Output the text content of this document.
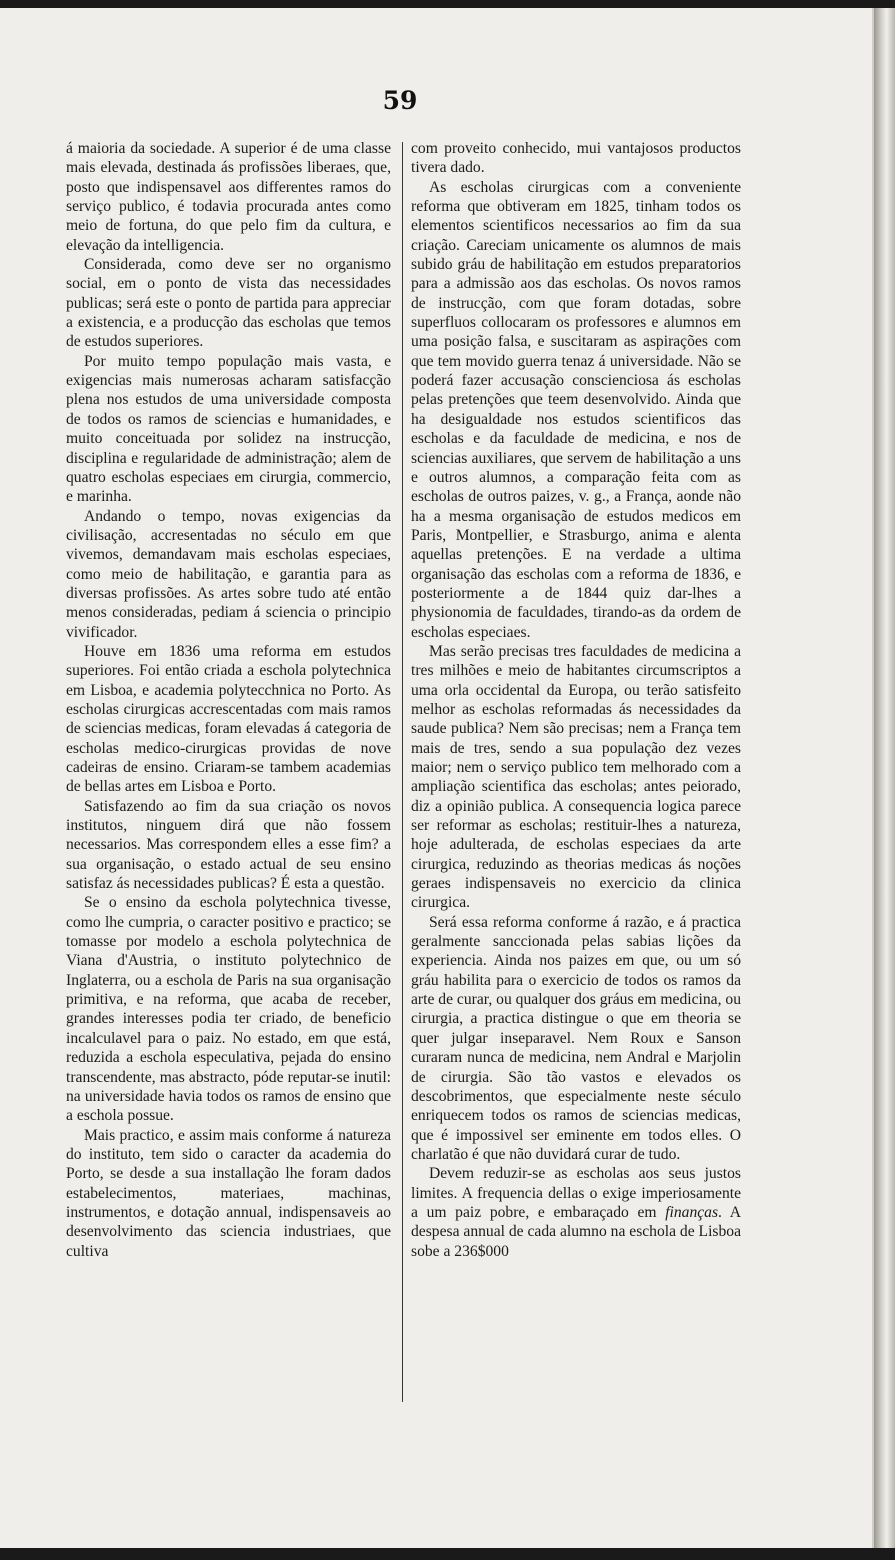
59

á maioria da sociedade. A superior é de uma classe mais elevada, destinada ás profissões liberaes, que, posto que indispensavel aos differentes ramos do serviço publico, é todavia procurada antes como meio de fortuna, do que pelo fim da cultura, e elevação da intelligencia.

Considerada, como deve ser no organismo social, em o ponto de vista das necessidades publicas; será este o ponto de partida para appreciar a existencia, e a producção das escholas que temos de estudos superiores.

Por muito tempo população mais vasta, e exigencias mais numerosas acharam satisfacção plena nos estudos de uma universidade composta de todos os ramos de sciencias e humanidades, e muito conceituada por solidez na instrucção, disciplina e regularidade de administração; alem de quatro escholas especiaes em cirurgia, commercio, e marinha.

Andando o tempo, novas exigencias da civilisação, accresentadas no século em que vivemos, demandavam mais escholas especiaes, como meio de habilitação, e garantia para as diversas profissões. As artes sobre tudo até então menos consideradas, pediam á sciencia o principio vivificador.

Houve em 1836 uma reforma em estudos superiores. Foi então criada a eschola polytechnica em Lisboa, e academia polytecchnica no Porto. As escholas cirurgicas accrescentadas com mais ramos de sciencias medicas, foram elevadas á categoria de escholas medico-cirurgicas providas de nove cadeiras de ensino. Criaram-se tambem academias de bellas artes em Lisboa e Porto.

Satisfazendo ao fim da sua criação os novos institutos, ninguem dirá que não fossem necessarios. Mas correspondem elles a esse fim? a sua organisação, o estado actual de seu ensino satisfaz ás necessidades publicas? É esta a questão.

Se o ensino da eschola polytechnica tivesse, como lhe cumpria, o caracter positivo e practico; se tomasse por modelo a eschola polytechnica de Viana d'Austria, o instituto polytechnico de Inglaterra, ou a eschola de Paris na sua organisação primitiva, e na reforma, que acaba de receber, grandes interesses podia ter criado, de beneficio incalculavel para o paiz. No estado, em que está, reduzida a eschola especulativa, pejada do ensino transcendente, mas abstracto, póde reputar-se inutil: na universidade havia todos os ramos de ensino que a eschola possue.

Mais practico, e assim mais conforme á natureza do instituto, tem sido o caracter da academia do Porto, se desde a sua installação lhe foram dados estabelecimentos, materiaes, machinas, instrumentos, e dotação annual, indispensaveis ao desenvolvimento das sciencia industriaes, que cultiva

com proveito conhecido, mui vantajosos productos tivera dado.

As escholas cirurgicas com a conveniente reforma que obtiveram em 1825, tinham todos os elementos scientificos necessarios ao fim da sua criação. Careciam unicamente os alumnos de mais subido gráu de habilitação em estudos preparatorios para a admissão aos das escholas. Os novos ramos de instrucção, com que foram dotadas, sobre superfluos collocaram os professores e alumnos em uma posição falsa, e suscitaram as aspirações com que tem movido guerra tenaz á universidade. Não se poderá fazer accusação conscienciosa ás escholas pelas pretenções que teem desenvolvido. Ainda que ha desigualdade nos estudos scientificos das escholas e da faculdade de medicina, e nos de sciencias auxiliares, que servem de habilitação a uns e outros alumnos, a comparação feita com as escholas de outros paizes, v. g., a França, aonde não ha a mesma organisação de estudos medicos em Paris, Montpellier, e Strasburgo, anima e alenta aquellas pretenções. E na verdade a ultima organisação das escholas com a reforma de 1836, e posteriormente a de 1844 quiz dar-lhes a physionomia de faculdades, tirando-as da ordem de escholas especiaes.

Mas serão precisas tres faculdades de medicina a tres milhões e meio de habitantes circumscriptos a uma orla occidental da Europa, ou terão satisfeito melhor as escholas reformadas ás necessidades da saude publica? Nem são precisas; nem a França tem mais de tres, sendo a sua população dez vezes maior; nem o serviço publico tem melhorado com a ampliação scientifica das escholas; antes peiorado, diz a opinião publica. A consequencia logica parece ser reformar as escholas; restituir-lhes a natureza, hoje adulterada, de escholas especiaes da arte cirurgica, reduzindo as theorias medicas ás noções geraes indispensaveis no exercicio da clinica cirurgica.

Será essa reforma conforme á razão, e á practica geralmente sanccionada pelas sabias lições da experiencia. Ainda nos paizes em que, ou um só gráu habilita para o exercicio de todos os ramos da arte de curar, ou qualquer dos gráus em medicina, ou cirurgia, a practica distingue o que em theoria se quer julgar inseparavel. Nem Roux e Sanson curaram nunca de medicina, nem Andral e Marjolin de cirurgia. São tão vastos e elevados os descobrimentos, que especialmente neste século enriquecem todos os ramos de sciencias medicas, que é impossivel ser eminente em todos elles. O charlatão é que não duvidará curar de tudo.

Devem reduzir-se as escholas aos seus justos limites. A frequencia dellas o exige imperiosamente a um paiz pobre, e embaraçado em finanças. A despesa annual de cada alumno na eschola de Lisboa sobe a 236$000
